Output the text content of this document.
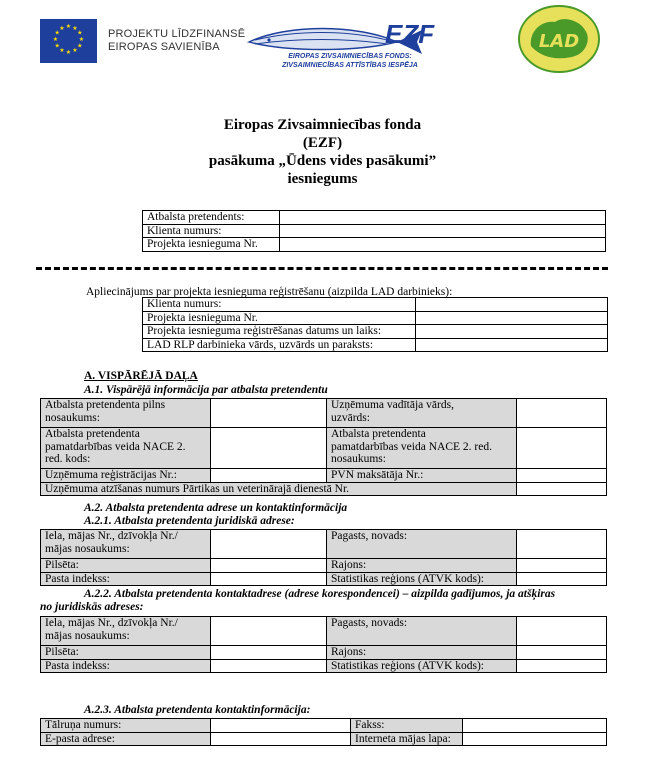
★ ★
★
★
★
★
★
★
★
★
★
★	PROJEKTU LĪDZFINANSĒ
EIROPAS SAVIENĪBA	EZF
EIROPAS ZIVSAIMNIECĪBAS FONDS:
ZIVSAIMNIECĪBAS ATTĪSTĪBAS IESPĒJA
LAD
Eiropas Zivsaimniecības fonda
(EZF)
pasākuma „Ūdens vides pasākumi”
iesniegums
Atbalsta pretendents:	
Klienta numurs:	
Projekta iesnieguma Nr.	
Apliecinājums par projekta iesnieguma reģistrēšanu (aizpilda LAD darbinieks):
Klienta numurs:	
Projekta iesnieguma Nr.	
Projekta iesnieguma reģistrēšanas datums un laiks:	
LAD RLP darbinieka vārds, uzvārds un paraksts:	
A. VISPĀRĒJĀ DAĻA
A.1. Vispārējā informācija par atbalsta pretendentu
Atbalsta pretendenta pilns
nosaukums:		Uzņēmuma vadītāja vārds,
uzvārds:	
Atbalsta pretendenta
pamatdarbības veida NACE 2.
red. kods:		Atbalsta pretendenta
pamatdarbības veida NACE 2. red.
nosaukums:	
Uzņēmuma reģistrācijas Nr.:		PVN maksātāja Nr.:	
Uzņēmuma atzīšanas numurs Pārtikas un veterinārajā dienestā Nr.			
A.2. Atbalsta pretendenta adrese un kontaktinformācija
A.2.1. Atbalsta pretendenta juridiskā adrese:
Iela, mājas Nr., dzīvokļa Nr./
mājas nosaukums:		Pagasts, novads:	
Pilsēta:		Rajons:	
Pasta indekss:		Statistikas reģions (ATVK kods):	
A.2.2. Atbalsta pretendenta kontaktadrese (adrese korespondencei) – aizpilda gadījumos, ja atšķiras
no juridiskās adreses:
Iela, mājas Nr., dzīvokļa Nr./
mājas nosaukums:		Pagasts, novads:	
Pilsēta:		Rajons:	
Pasta indekss:		Statistikas reģions (ATVK kods):	
A.2.3. Atbalsta pretendenta kontaktinformācija:
Tālruņa numurs:		Fakss:	
E-pasta adrese:		Interneta mājas lapa:	
